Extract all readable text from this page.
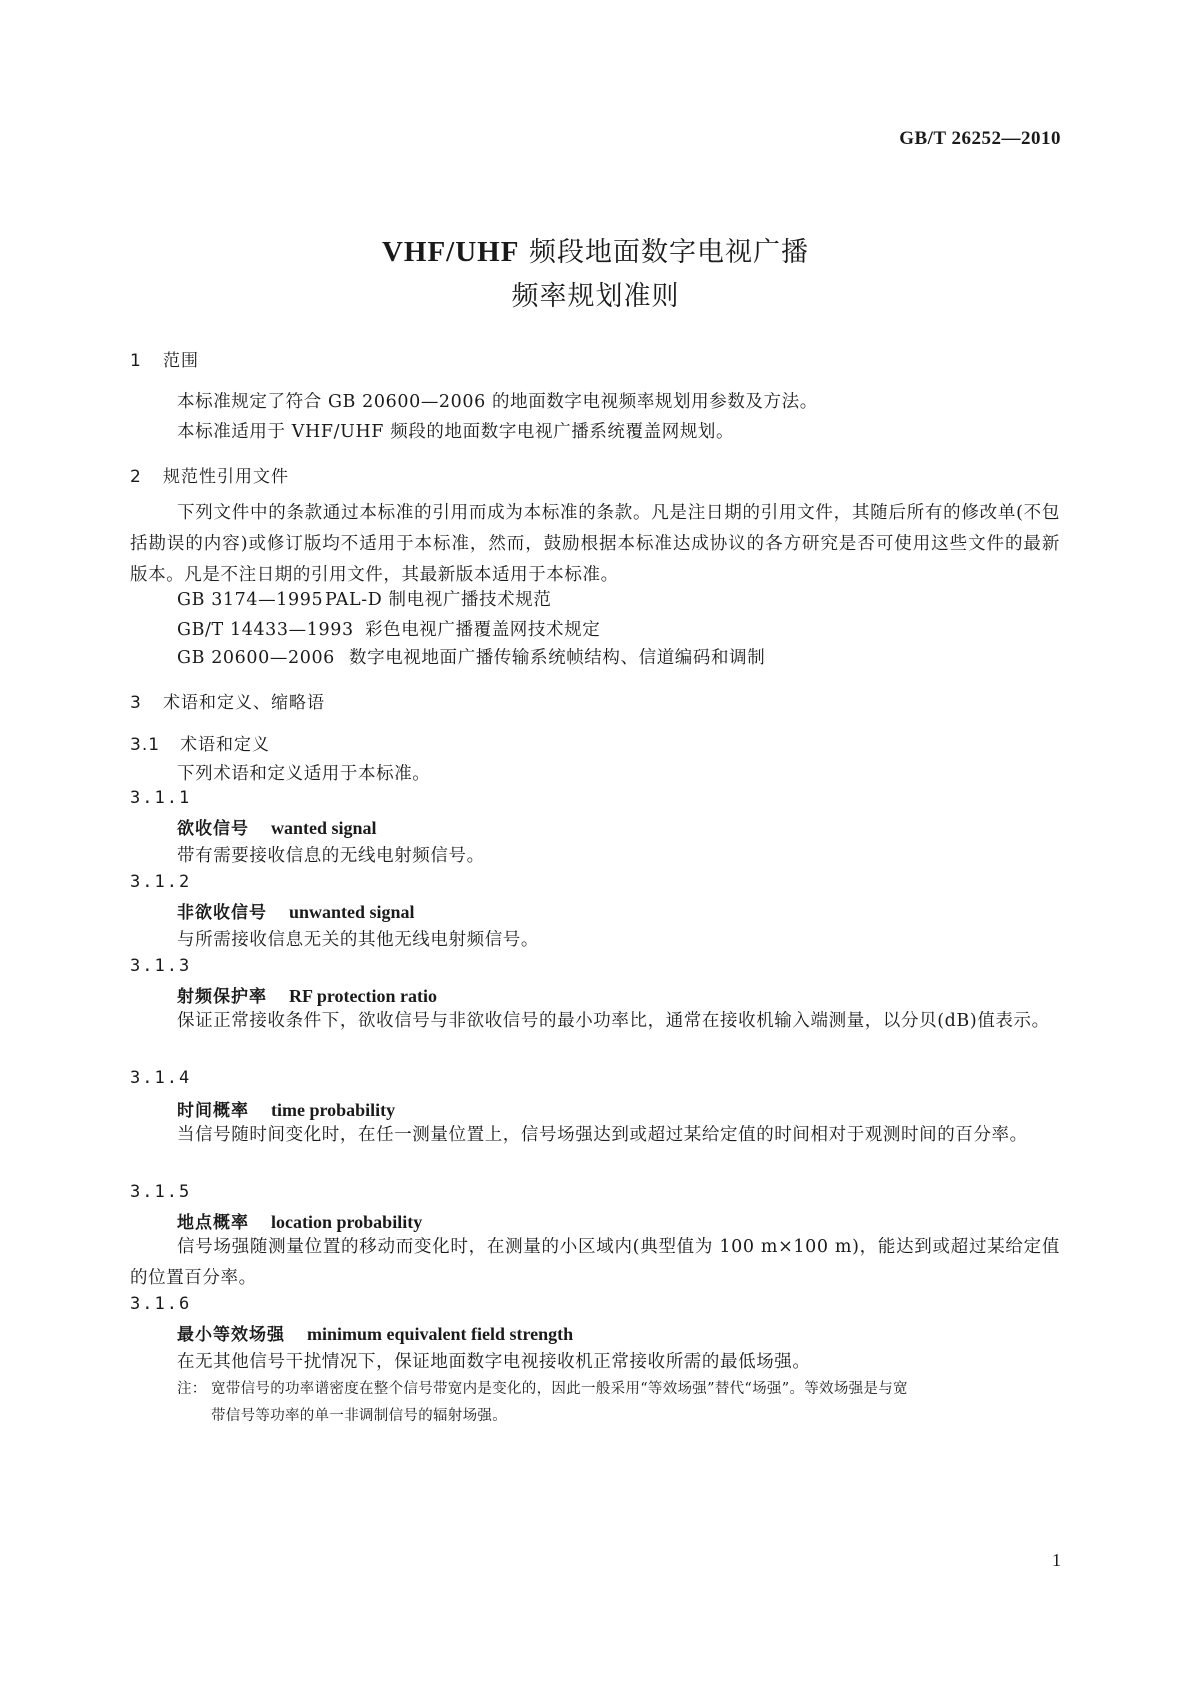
GB/T 26252—2010
VHF/UHF 频段地面数字电视广播
频率规划准则
1 范围
本标准规定了符合 GB 20600—2006 的地面数字电视频率规划用参数及方法。
本标准适用于 VHF/UHF 频段的地面数字电视广播系统覆盖网规划。
2 规范性引用文件
下列文件中的条款通过本标准的引用而成为本标准的条款。凡是注日期的引用文件，其随后所有的修改单(不包括勘误的内容)或修订版均不适用于本标准，然而，鼓励根据本标准达成协议的各方研究是否可使用这些文件的最新版本。凡是不注日期的引用文件，其最新版本适用于本标准。
GB 3174—1995 PAL-D 制电视广播技术规范
GB/T 14433—1993 彩色电视广播覆盖网技术规定
GB 20600—2006 数字电视地面广播传输系统帧结构、信道编码和调制
3 术语和定义、缩略语
3.1 术语和定义
下列术语和定义适用于本标准。
3.1.1
欲收信号 wanted signal
带有需要接收信息的无线电射频信号。
3.1.2
非欲收信号 unwanted signal
与所需接收信息无关的其他无线电射频信号。
3.1.3
射频保护率 RF protection ratio
保证正常接收条件下，欲收信号与非欲收信号的最小功率比，通常在接收机输入端测量，以分贝(dB)值表示。
3.1.4
时间概率 time probability
当信号随时间变化时，在任一测量位置上，信号场强达到或超过某给定值的时间相对于观测时间的百分率。
3.1.5
地点概率 location probability
信号场强随测量位置的移动而变化时，在测量的小区域内(典型值为 100 m×100 m)，能达到或超过某给定值的位置百分率。
3.1.6
最小等效场强 minimum equivalent field strength
在无其他信号干扰情况下，保证地面数字电视接收机正常接收所需的最低场强。
注： 宽带信号的功率谱密度在整个信号带宽内是变化的，因此一般采用“等效场强”替代“场强”。等效场强是与宽
带信号等功率的单一非调制信号的辐射场强。
1
